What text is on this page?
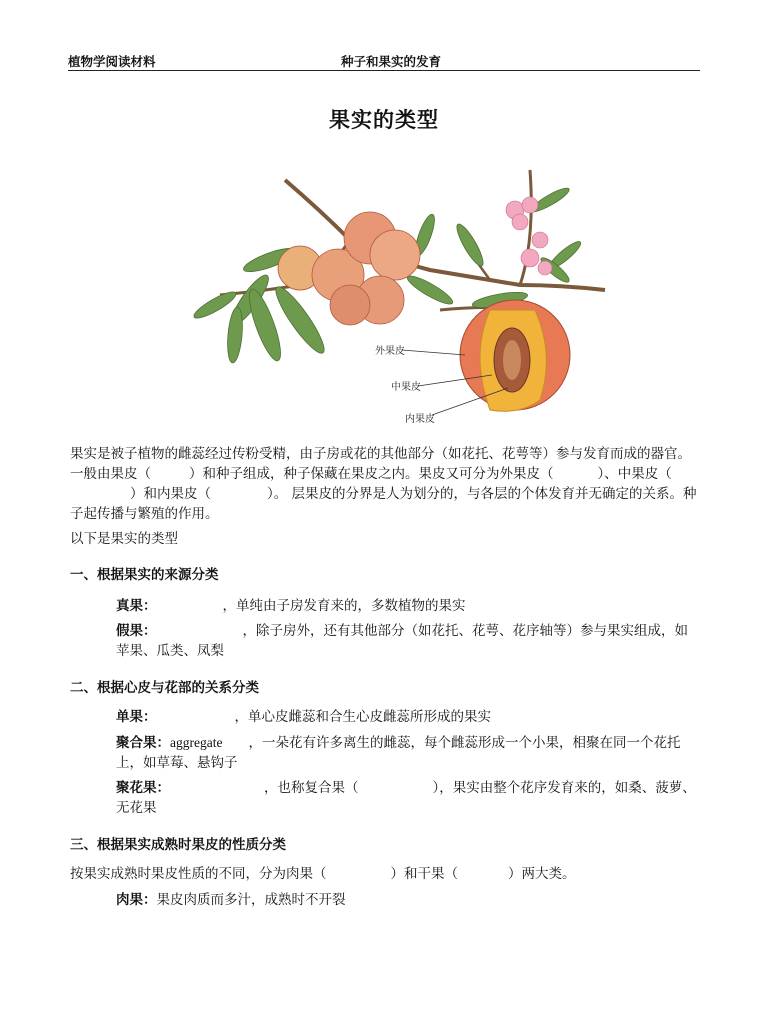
植物学阅读材料	种子和果实的发育
果实的类型
外果皮
中果皮
内果皮
果实是被子植物的雌蕊经过传粉受精，由子房或花的其他部分（如花托、花萼等）参与发育而成的器官。一般由果皮（	）和种子组成，种子保藏在果皮之内。果皮又可分为外果皮（	）、中果皮（）和内果皮（	）。 层果皮的分界是人为划分的，与各层的个体发育并无确定的关系。种子起传播与繁殖的作用。
以下是果实的类型
一、根据果实的来源分类
真果：	，单纯由子房发育来的，多数植物的果实
假果：	，除子房外，还有其他部分（如花托、花萼、花序轴等）参与果实组成，如苹果、瓜类、凤梨
二、根据心皮与花部的关系分类
单果：	，单心皮雌蕊和合生心皮雌蕊所形成的果实
聚合果：aggregate ，一朵花有许多离生的雌蕊，每个雌蕊形成一个小果，相聚在同一个花托上，如草莓、悬钩子
聚花果：	，也称复合果（	），果实由整个花序发育来的，如桑、菠萝、无花果
三、根据果实成熟时果皮的性质分类
按果实成熟时果皮性质的不同，分为肉果（	）和干果（	）两大类。
肉果：果皮肉质而多汁，成熟时不开裂
